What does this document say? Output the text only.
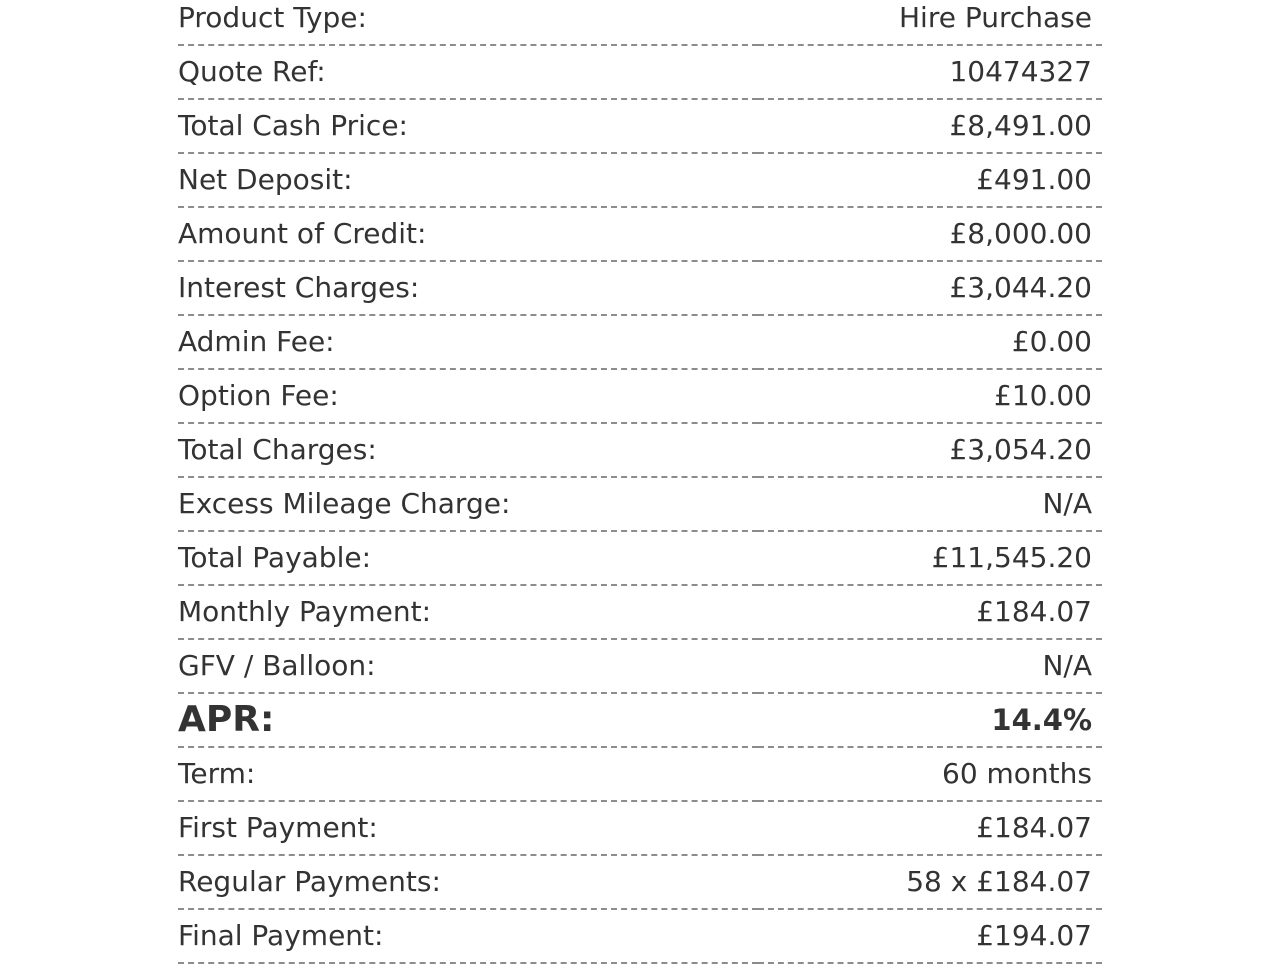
Product Type:	Hire Purchase
Quote Ref:	10474327
Total Cash Price:	£8,491.00
Net Deposit:	£491.00
Amount of Credit:	£8,000.00
Interest Charges:	£3,044.20
Admin Fee:	£0.00
Option Fee:	£10.00
Total Charges:	£3,054.20
Excess Mileage Charge:	N/A
Total Payable:	£11,545.20
Monthly Payment:	£184.07
GFV / Balloon:	N/A
APR:	14.4%
Term:	60 months
First Payment:	£184.07
Regular Payments:	58 x £184.07
Final Payment:	£194.07
